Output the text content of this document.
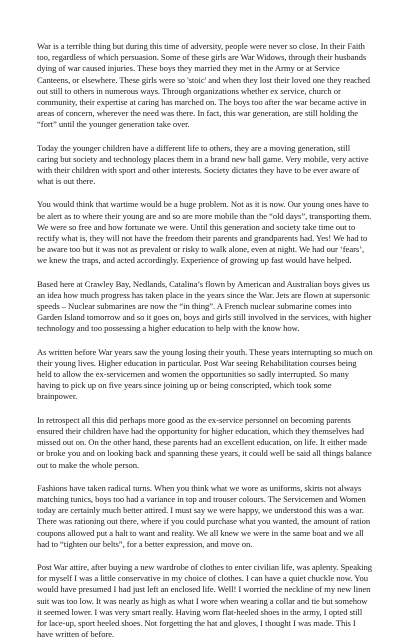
War is a terrible thing but during this time of adversity, people were never so close. In their Faith too, regardless of which persuasion. Some of these girls are War Widows, through their husbands dying of war caused injuries. These boys they married they met in the Army or at Service Canteens, or elsewhere. These girls were so 'stoic' and when they lost their loved one they reached out still to others in numerous ways. Through organizations whether ex service, church or community, their expertise at caring has marched on. The boys too after the war became active in areas of concern, wherever the need was there. In fact, this war generation, are still holding the “fort” until the younger generation take over.

Today the younger children have a different life to others, they are a moving generation, still caring but society and technology places them in a brand new ball game. Very mobile, very active with their children with sport and other interests. Society dictates they have to be ever aware of what is out there.

You would think that wartime would be a huge problem. Not as it is now. Our young ones have to be alert as to where their young are and so are more mobile than the “old days”, transporting them. We were so free and how fortunate we were. Until this generation and society take time out to rectify what is, they will not have the freedom their parents and grandparents had. Yes! We had to be aware too but it was not as prevalent or risky to walk alone, even at night. We had our ‘fears’, we knew the traps, and acted accordingly. Experience of growing up fast would have helped.

Based here at Crawley Bay, Nedlands, Catalina’s flown by American and Australian boys gives us an idea how much progress has taken place in the years since the War. Jets are flown at supersonic speeds – Nuclear submarines are now the “in thing”. A French nuclear submarine comes into Garden Island tomorrow and so it goes on, boys and girls still involved in the services, with higher technology and too possessing a higher education to help with the know how.

As written before War years saw the young losing their youth. These years interrupting so much on their young lives. Higher education in particular. Post War seeing Rehabilitation courses being held to allow the ex-servicemen and women the opportunities so sadly interrupted. So many having to pick up on five years since joining up or being conscripted, which took some brainpower.

In retrospect all this did perhaps more good as the ex-service personnel on becoming parents ensured their children have had the opportunity for higher education, which they themselves had missed out on. On the other hand, these parents had an excellent education, on life. It either made or broke you and on looking back and spanning these years, it could well be said all things balance out to make the whole person.

Fashions have taken radical turns. When you think what we wore as uniforms, skirts not always matching tunics, boys too had a variance in top and trouser colours. The Servicemen and Women today are certainly much better attired. I must say we were happy, we understood this was a war. There was rationing out there, where if you could purchase what you wanted, the amount of ration coupons allowed put a halt to want and reality. We all knew we were in the same boat and we all had to “tighten our belts”, for a better expression, and move on.

Post War attire, after buying a new wardrobe of clothes to enter civilian life, was aplenty. Speaking for myself I was a little conservative in my choice of clothes. I can have a quiet chuckle now. You would have presumed I had just left an enclosed life. Well! I worried the neckline of my new linen suit was too low. It was nearly as high as what I wore when wearing a collar and tie but somehow it seemed lower. I was very smart really. Having worn flat-heeled shoes in the army, I opted still for lace-up, sport heeled shoes. Not forgetting the hat and gloves, I thought I was made. This I have written of before.
